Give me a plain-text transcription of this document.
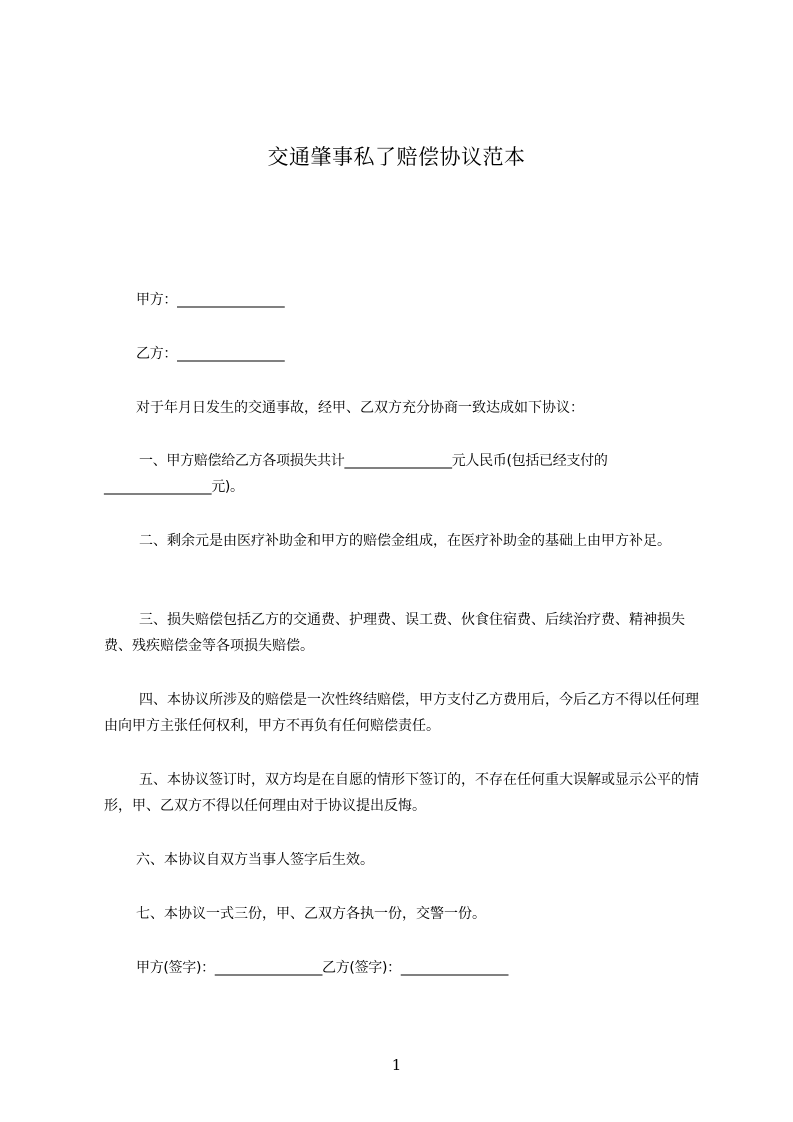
交通肇事私了赔偿协议范本

甲方：________________

乙方：________________

对于年月日发生的交通事故，经甲、乙双方充分协商一致达成如下协议：

一、甲方赔偿给乙方各项损失共计________________元人民币(包括已经支付的________________元)。

二、剩余元是由医疗补助金和甲方的赔偿金组成，在医疗补助金的基础上由甲方补足。

三、损失赔偿包括乙方的交通费、护理费、误工费、伙食住宿费、后续治疗费、精神损失费、残疾赔偿金等各项损失赔偿。

四、本协议所涉及的赔偿是一次性终结赔偿，甲方支付乙方费用后，今后乙方不得以任何理由向甲方主张任何权利，甲方不再负有任何赔偿责任。

五、本协议签订时，双方均是在自愿的情形下签订的，不存在任何重大误解或显示公平的情形，甲、乙双方不得以任何理由对于协议提出反悔。

六、本协议自双方当事人签字后生效。

七、本协议一式三份，甲、乙双方各执一份，交警一份。

甲方(签字)：________________乙方(签字)：________________

1
